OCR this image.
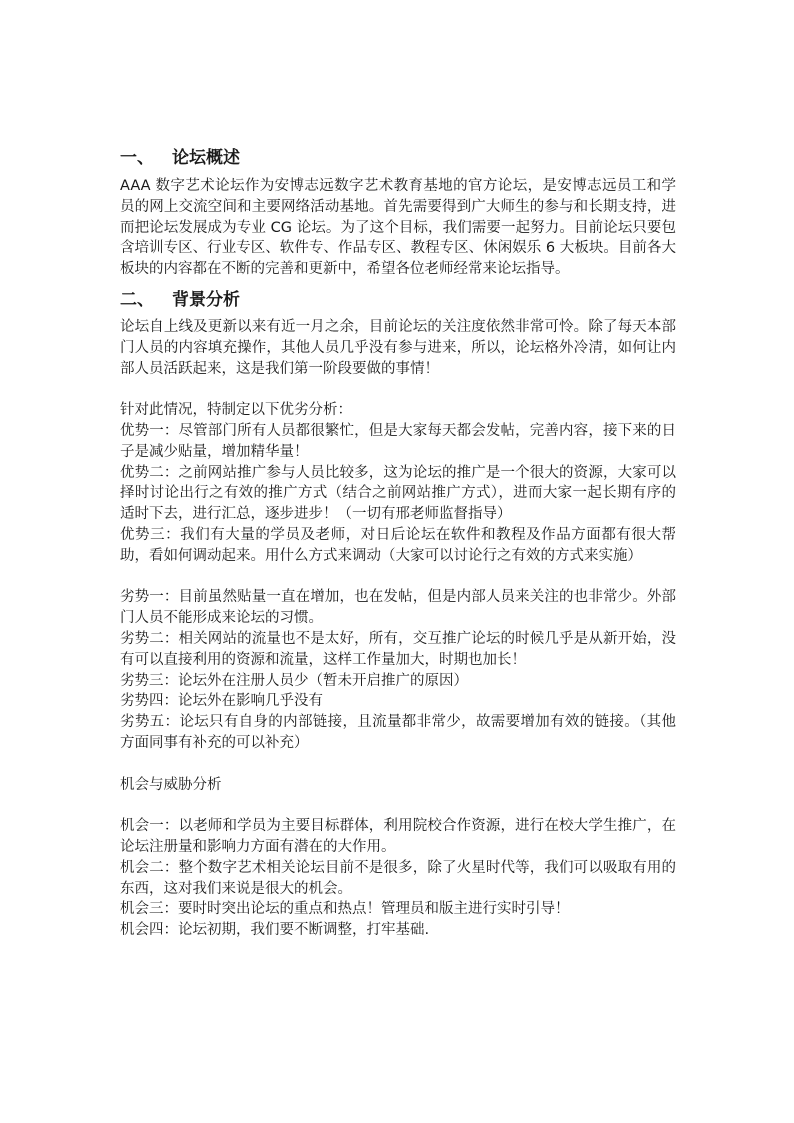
一、	论坛概述

AAA 数字艺术论坛作为安博志远数字艺术教育基地的官方论坛，是安博志远员工和学员的网上交流空间和主要网络活动基地。首先需要得到广大师生的参与和长期支持，进而把论坛发展成为专业 CG 论坛。为了这个目标，我们需要一起努力。目前论坛只要包含培训专区、行业专区、软件专、作品专区、教程专区、休闲娱乐 6 大板块。目前各大板块的内容都在不断的完善和更新中，希望各位老师经常来论坛指导。

二、	背景分析

论坛自上线及更新以来有近一月之余，目前论坛的关注度依然非常可怜。除了每天本部门人员的内容填充操作，其他人员几乎没有参与进来，所以，论坛格外冷清，如何让内部人员活跃起来，这是我们第一阶段要做的事情！

针对此情况，特制定以下优劣分析：

优势一：尽管部门所有人员都很繁忙，但是大家每天都会发帖，完善内容，接下来的日子是减少贴量，增加精华量！

优势二：之前网站推广参与人员比较多，这为论坛的推广是一个很大的资源，大家可以择时讨论出行之有效的推广方式（结合之前网站推广方式），进而大家一起长期有序的适时下去，进行汇总，逐步进步！（一切有邢老师监督指导）

优势三：我们有大量的学员及老师，对日后论坛在软件和教程及作品方面都有很大帮助，看如何调动起来。用什么方式来调动（大家可以讨论行之有效的方式来实施）

劣势一：目前虽然贴量一直在增加，也在发帖，但是内部人员来关注的也非常少。外部门人员不能形成来论坛的习惯。

劣势二：相关网站的流量也不是太好，所有，交互推广论坛的时候几乎是从新开始，没有可以直接利用的资源和流量，这样工作量加大，时期也加长！

劣势三：论坛外在注册人员少（暂未开启推广的原因）

劣势四：论坛外在影响几乎没有

劣势五：论坛只有自身的内部链接，且流量都非常少，故需要增加有效的链接。（其他方面同事有补充的可以补充）

机会与威胁分析

机会一：以老师和学员为主要目标群体，利用院校合作资源，进行在校大学生推广，在论坛注册量和影响力方面有潜在的大作用。

机会二：整个数字艺术相关论坛目前不是很多，除了火星时代等，我们可以吸取有用的东西，这对我们来说是很大的机会。

机会三：要时时突出论坛的重点和热点！管理员和版主进行实时引导！

机会四：论坛初期，我们要不断调整，打牢基础.
